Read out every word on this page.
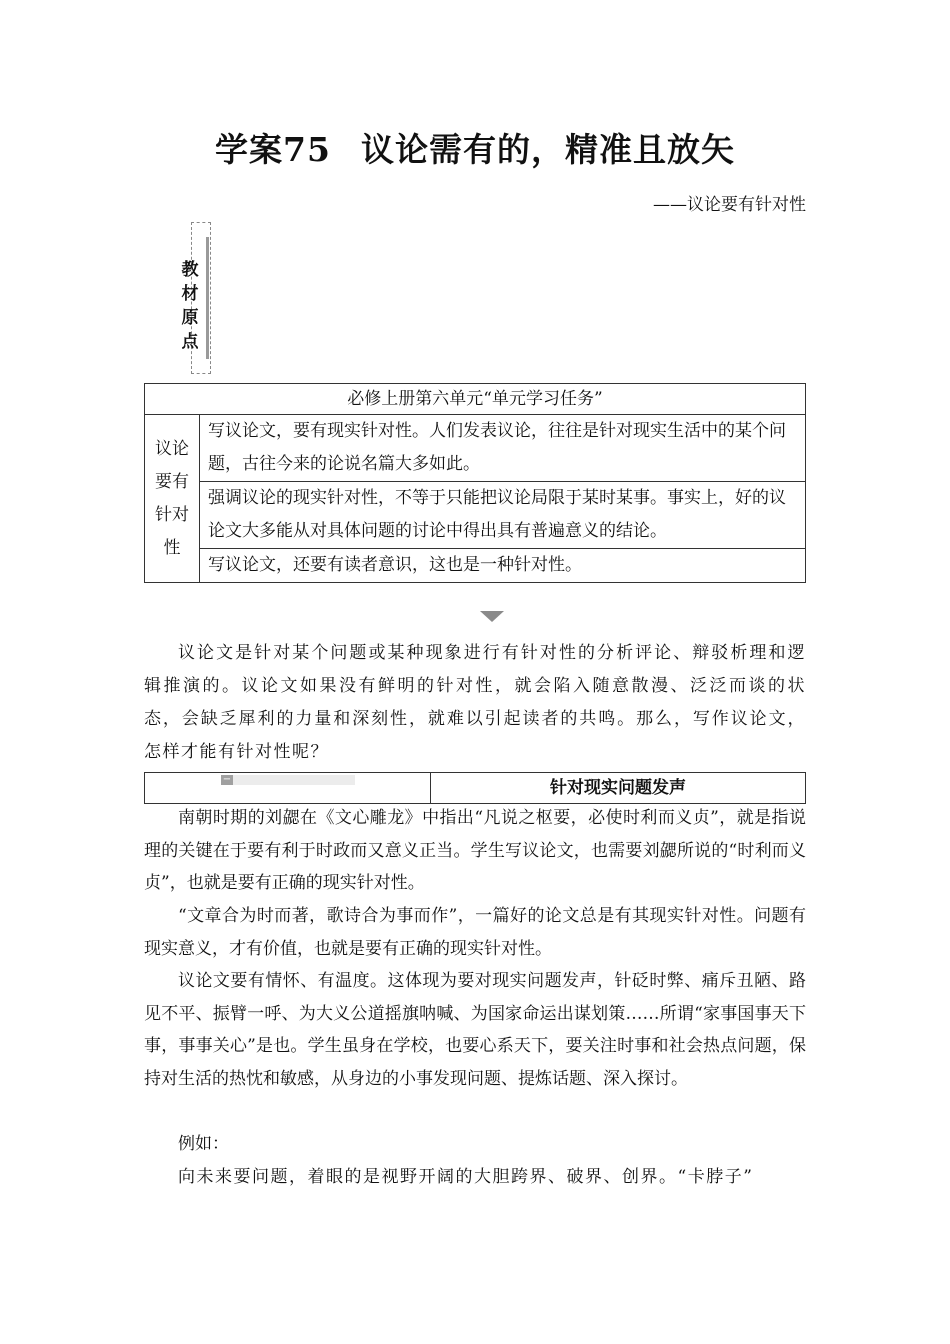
学案75 议论需有的，精准且放矢
——议论要有针对性
教材原点
必修上册第六单元“单元学习任务”
议论要有针对性	写议论文，要有现实针对性。人们发表议论，往往是针对现实生活中的某个问题，古往今来的论说名篇大多如此。
强调议论的现实针对性，不等于只能把议论局限于某时某事。事实上，好的议论文大多能从对具体问题的讨论中得出具有普遍意义的结论。
写议论文，还要有读者意识，这也是一种针对性。
议论文是针对某个问题或某种现象进行有针对性的分析评论、辩驳析理和逻辑推演的。议论文如果没有鲜明的针对性，就会陷入随意散漫、泛泛而谈的状态，会缺乏犀利的力量和深刻性，就难以引起读者的共鸣。那么，写作议论文，怎样才能有针对性呢？
−	针对现实问题发声
南朝时期的刘勰在《文心雕龙》中指出“凡说之枢要，必使时利而义贞”，就是指说理的关键在于要有利于时政而又意义正当。学生写议论文，也需要刘勰所说的“时利而义贞”，也就是要有正确的现实针对性。
“文章合为时而著，歌诗合为事而作”，一篇好的论文总是有其现实针对性。问题有现实意义，才有价值，也就是要有正确的现实针对性。
议论文要有情怀、有温度。这体现为要对现实问题发声，针砭时弊、痛斥丑陋、路见不平、振臂一呼、为大义公道摇旗呐喊、为国家命运出谋划策……所谓“家事国事天下事，事事关心”是也。学生虽身在学校，也要心系天下，要关注时事和社会热点问题，保持对生活的热忱和敏感，从身边的小事发现问题、提炼话题、深入探讨。
例如：
向未来要问题，着眼的是视野开阔的大胆跨界、破界、创界。“卡脖子”
